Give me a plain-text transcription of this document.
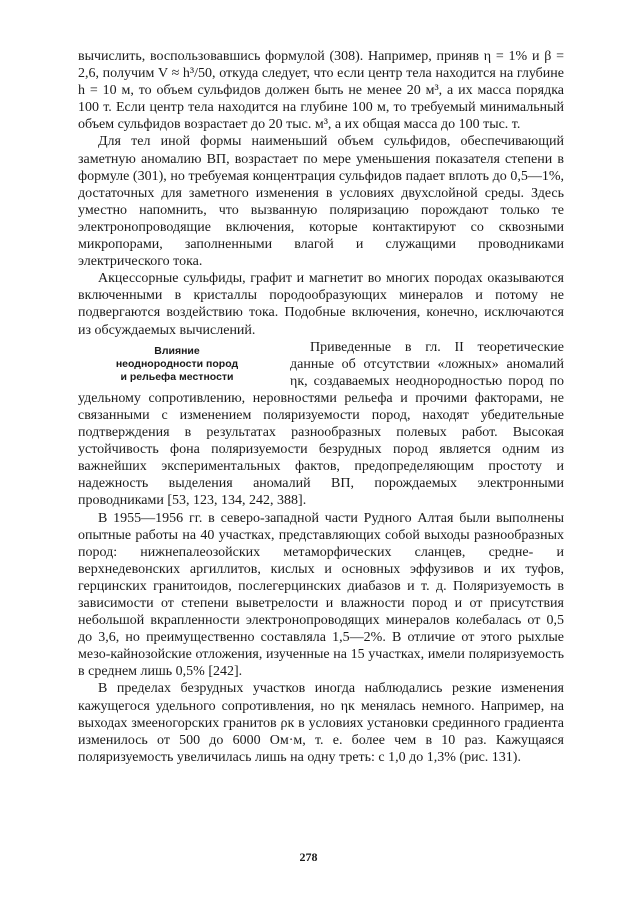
вычислить, воспользовавшись формулой (308). Например, приняв η = 1% и β = 2,6, получим V ≈ h³/50, откуда следует, что если центр тела находится на глубине h = 10 м, то объем сульфидов должен быть не менее 20 м³, а их масса порядка 100 т. Если центр тела находится на глубине 100 м, то требуемый минимальный объем сульфидов возрастает до 20 тыс. м³, а их общая масса до 100 тыс. т.

Для тел иной формы наименьший объем сульфидов, обеспечивающий заметную аномалию ВП, возрастает по мере уменьшения показателя степени в формуле (301), но требуемая концентрация сульфидов падает вплоть до 0,5—1%, достаточных для заметного изменения в условиях двухслойной среды. Здесь уместно напомнить, что вызванную поляризацию порождают только те электронопроводящие включения, которые контактируют со сквозными микропорами, заполненными влагой и служащими проводниками электрического тока.

Акцессорные сульфиды, графит и магнетит во многих породах оказываются включенными в кристаллы породообразующих минералов и потому не подвергаются воздействию тока. Подобные включения, конечно, исключаются из обсуждаемых вычислений.

Влияние
неоднородности пород
и рельефа местности

Приведенные в гл. II теоретические данные об отсутствии «ложных» аномалий ηк, создаваемых неоднородностью пород по удельному сопротивлению, неровностями рельефа и прочими факторами, не связанными с изменением поляризуемости пород, находят убедительные подтверждения в результатах разнообразных полевых работ. Высокая устойчивость фона поляризуемости безрудных пород является одним из важнейших экспериментальных фактов, предопределяющим простоту и надежность выделения аномалий ВП, порождаемых электронными проводниками [53, 123, 134, 242, 388].

В 1955—1956 гг. в северо-западной части Рудного Алтая были выполнены опытные работы на 40 участках, представляющих собой выходы разнообразных пород: нижнепалеозойских метаморфических сланцев, средне- и верхнедевонских аргиллитов, кислых и основных эффузивов и их туфов, герцинских гранитоидов, послегерцинских диабазов и т. д. Поляризуемость в зависимости от степени выветрелости и влажности пород и от присутствия небольшой вкрапленности электронопроводящих минералов колебалась от 0,5 до 3,6, но преимущественно составляла 1,5—2%. В отличие от этого рыхлые мезо-кайнозойские отложения, изученные на 15 участках, имели поляризуемость в среднем лишь 0,5% [242].

В пределах безрудных участков иногда наблюдались резкие изменения кажущегося удельного сопротивления, но ηк менялась немного. Например, на выходах змееногорских гранитов ρк в условиях установки срединного градиента изменилось от 500 до 6000 Ом·м, т. е. более чем в 10 раз. Кажущаяся поляризуемость увеличилась лишь на одну треть: с 1,0 до 1,3% (рис. 131).

278
